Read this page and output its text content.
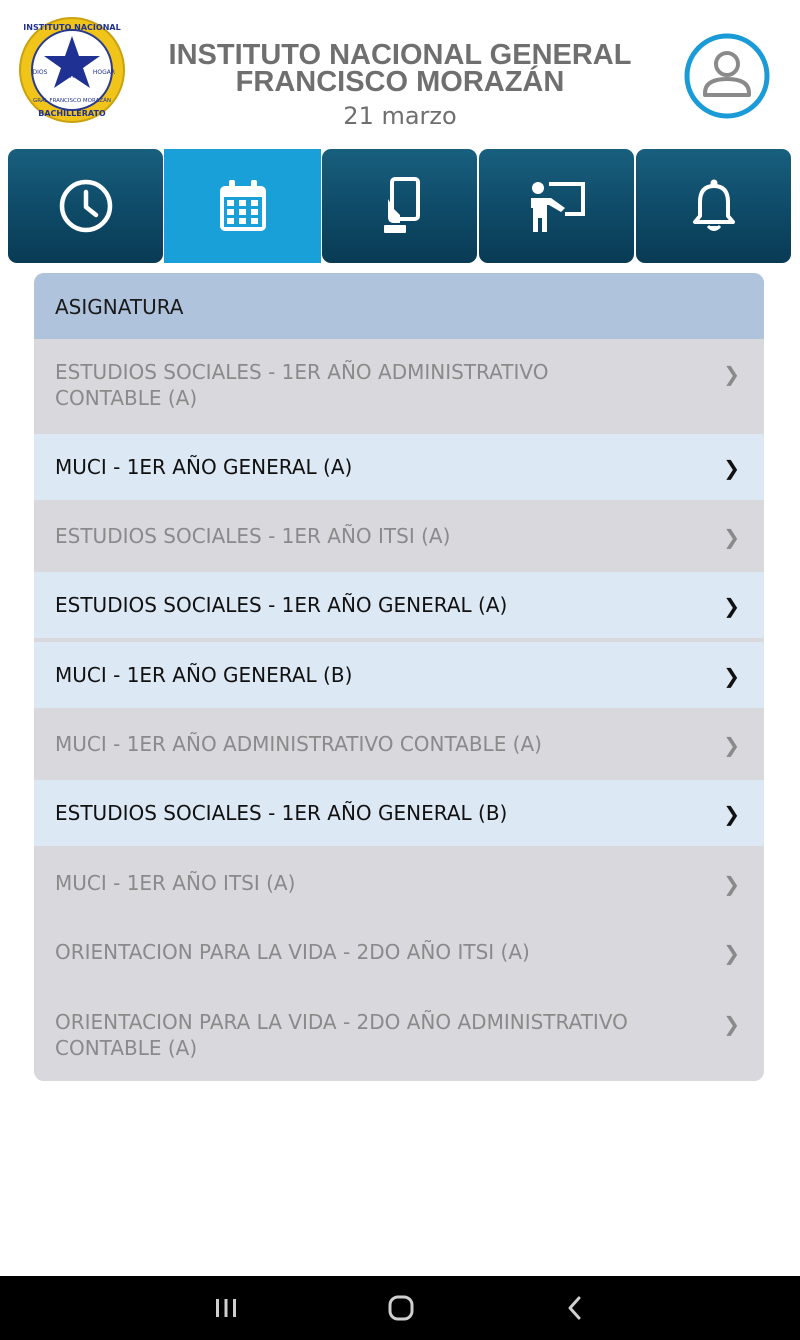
INSTITUTO NACIONAL
DIOS	HOGAR
PATRIA
GRAL FRANCISCO MORAZÁN
BACHILLERATO
INSTITUTO NACIONAL GENERAL
FRANCISCO MORAZÁN
21 marzo
ASIGNATURA
ESTUDIOS SOCIALES - 1ER AÑO ADMINISTRATIVO
CONTABLE (A)
❯
MUCI - 1ER AÑO GENERAL (A)	❯
ESTUDIOS SOCIALES - 1ER AÑO ITSI (A)	❯
ESTUDIOS SOCIALES - 1ER AÑO GENERAL (A)	❯
MUCI - 1ER AÑO GENERAL (B)	❯
MUCI - 1ER AÑO ADMINISTRATIVO CONTABLE (A)	❯
ESTUDIOS SOCIALES - 1ER AÑO GENERAL (B)	❯
MUCI - 1ER AÑO ITSI (A)	❯
ORIENTACION PARA LA VIDA - 2DO AÑO ITSI (A)	❯
ORIENTACION PARA LA VIDA - 2DO AÑO ADMINISTRATIVO
CONTABLE (A)
❯
